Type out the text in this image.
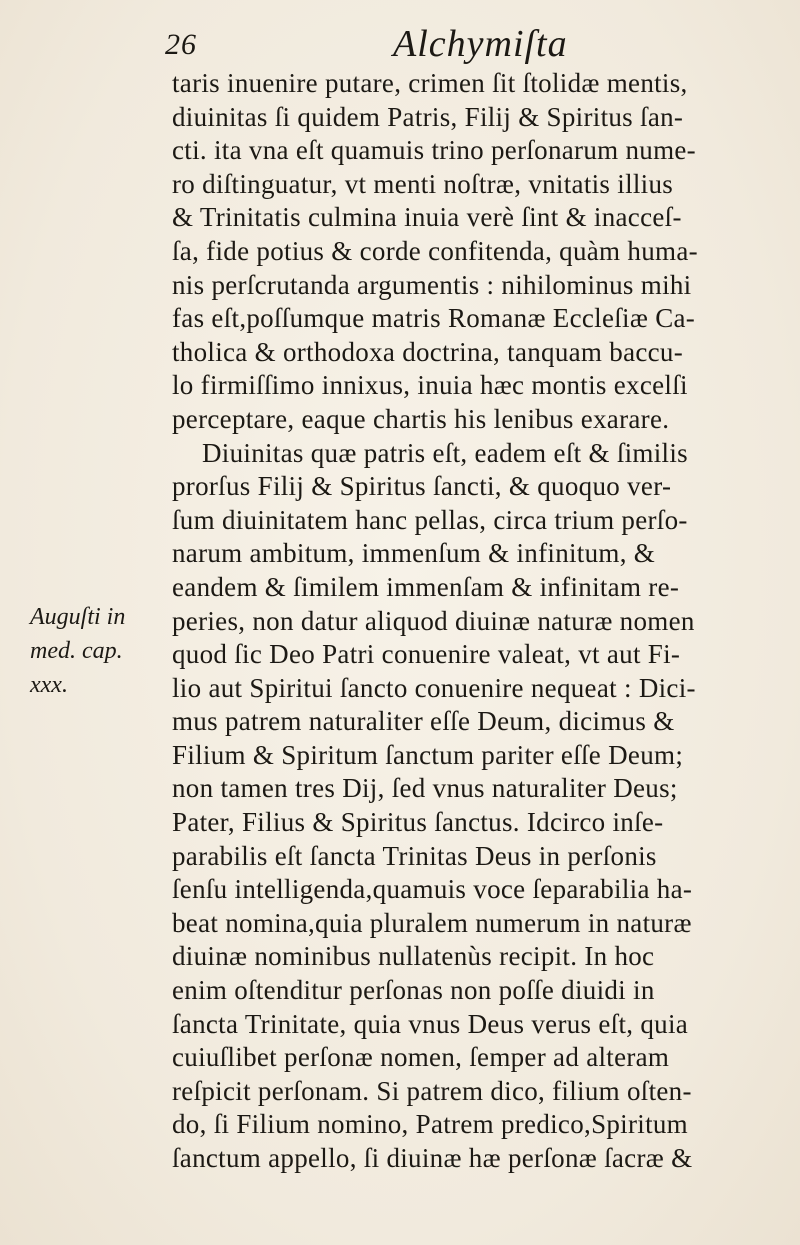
26	Alchymiſta
Auguſti in
med. cap.
xxx.
taris inuenire putare, crimen ſit ſtolidæ mentis,
diuinitas ſi quidem Patris, Filij & Spiritus ſan-
cti. ita vna eſt quamuis trino perſonarum nume-
ro diſtinguatur, vt menti noſtræ, vnitatis illius
& Trinitatis culmina inuia verè ſint & inacceſ-
ſa, fide potius & corde confitenda, quàm huma-
nis perſcrutanda argumentis : nihilominus mihi
fas eſt,poſſumque matris Romanæ Eccleſiæ Ca-
tholica & orthodoxa doctrina, tanquam baccu-
lo firmiſſimo innixus, inuia hæc montis excelſi
perceptare, eaque chartis his lenibus exarare.
Diuinitas quæ patris eſt, eadem eſt & ſimilis
prorſus Filij & Spiritus ſancti, & quoquo ver-
ſum diuinitatem hanc pellas, circa trium perſo-
narum ambitum, immenſum & infinitum, &
eandem & ſimilem immenſam & infinitam re-
peries, non datur aliquod diuinæ naturæ nomen
quod ſic Deo Patri conuenire valeat, vt aut Fi-
lio aut Spiritui ſancto conuenire nequeat : Dici-
mus patrem naturaliter eſſe Deum, dicimus &
Filium & Spiritum ſanctum pariter eſſe Deum;
non tamen tres Dij, ſed vnus naturaliter Deus;
Pater, Filius & Spiritus ſanctus. Idcirco inſe-
parabilis eſt ſancta Trinitas Deus in perſonis
ſenſu intelligenda,quamuis voce ſeparabilia ha-
beat nomina,quia pluralem numerum in naturæ
diuinæ nominibus nullatenùs recipit. In hoc
enim oſtenditur perſonas non poſſe diuidi in
ſancta Trinitate, quia vnus Deus verus eſt, quia
cuiuſlibet perſonæ nomen, ſemper ad alteram
reſpicit perſonam. Si patrem dico, filium oſten-
do, ſi Filium nomino, Patrem predico,Spiritum
ſanctum appello, ſi diuinæ hæ perſonæ ſacræ &
